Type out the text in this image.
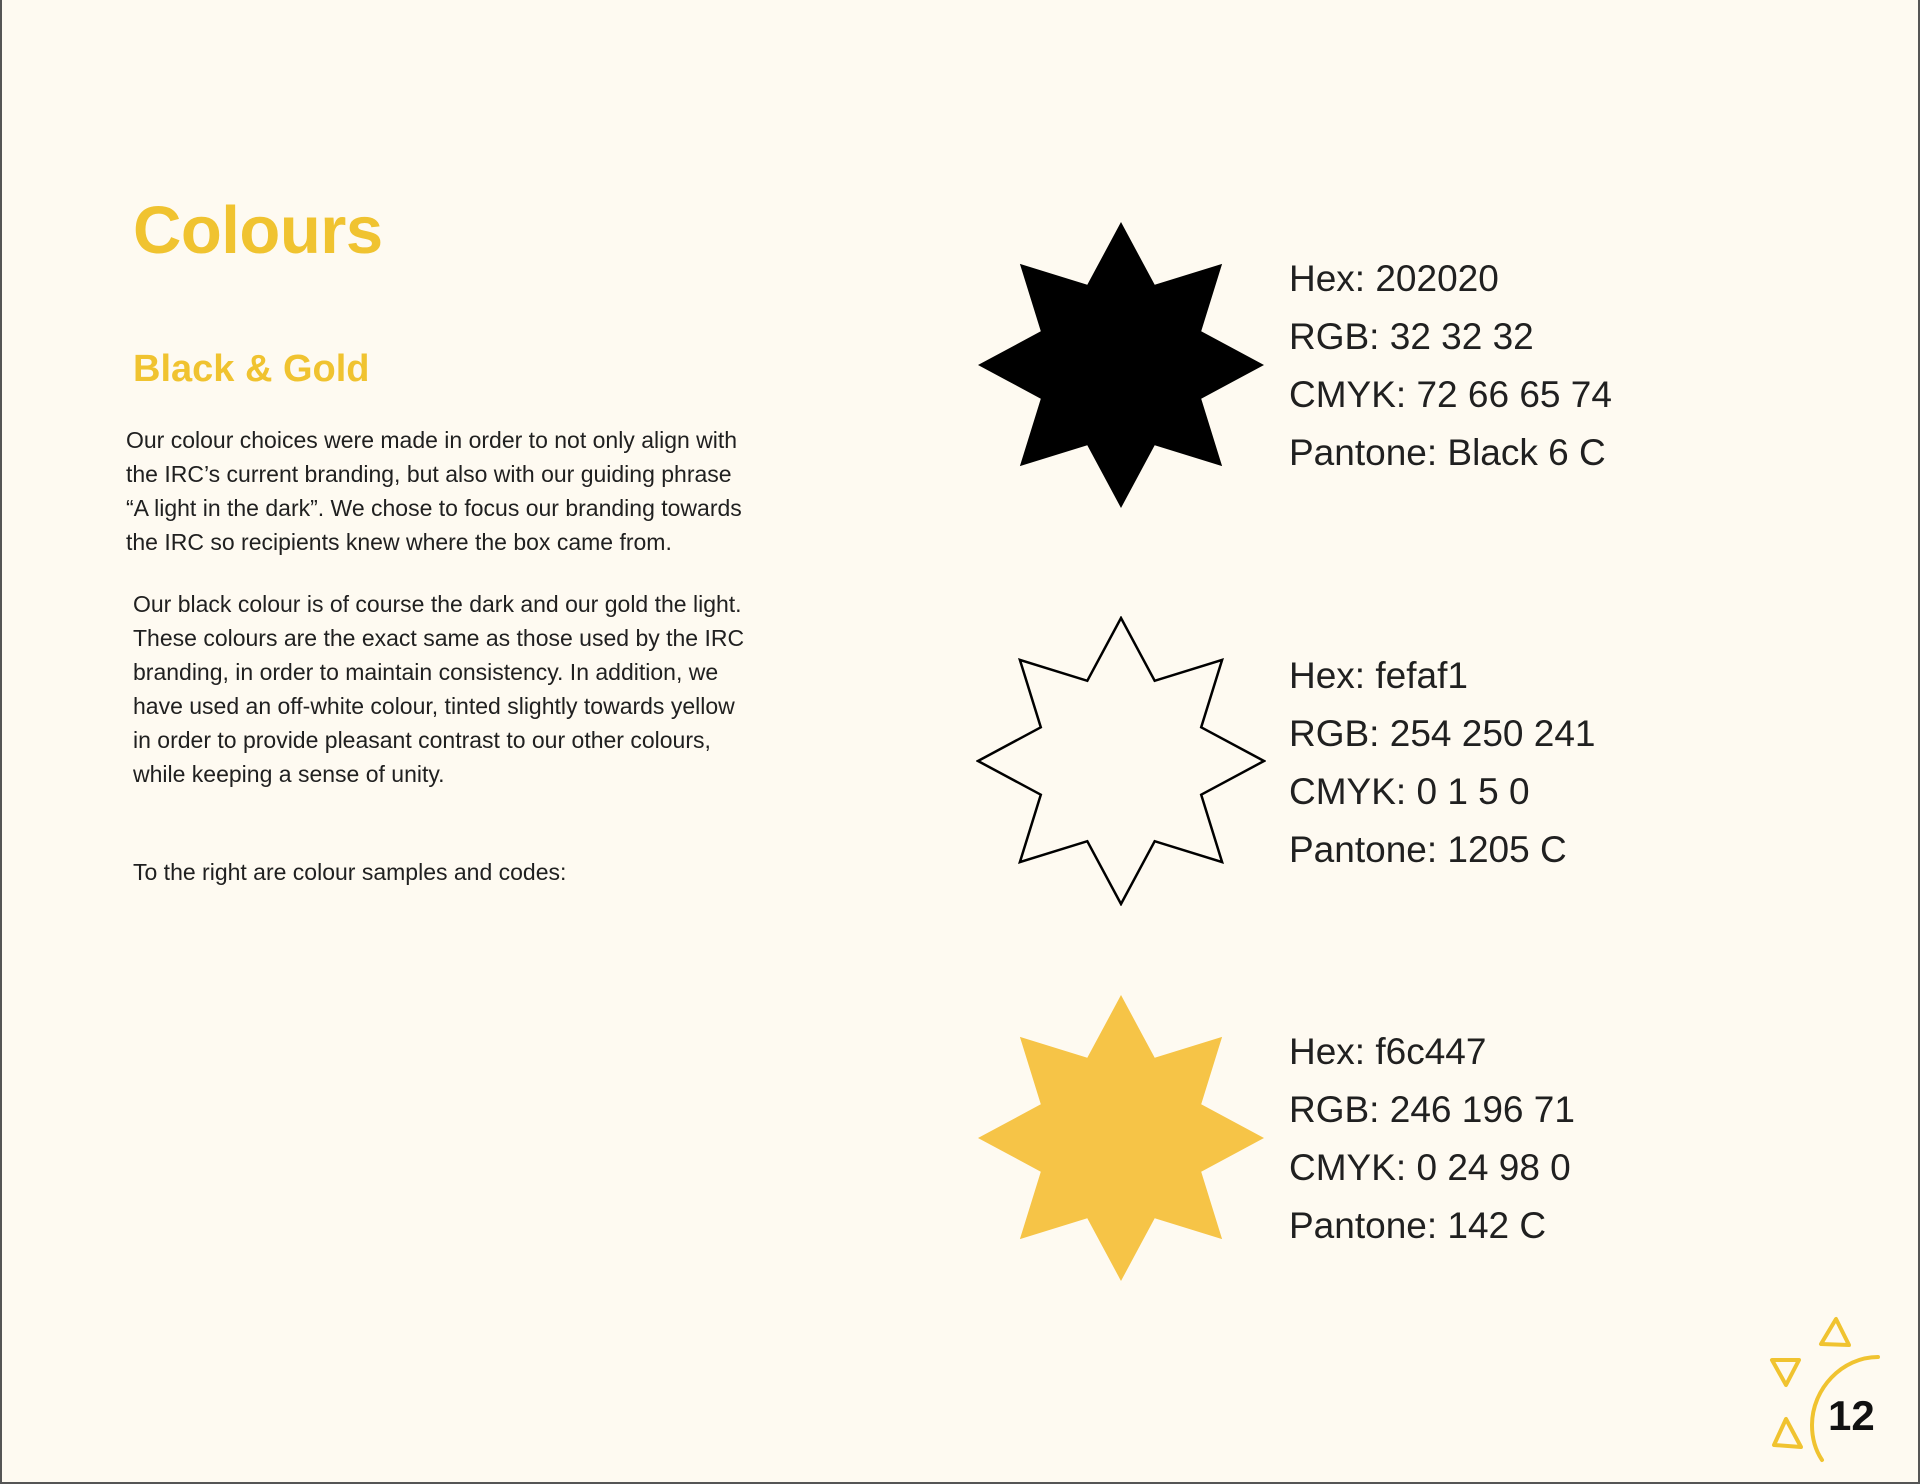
Colours
Black & Gold

Our colour choices were made in order to not only align with
the IRC’s current branding, but also with our guiding phrase
“A light in the dark”. We chose to focus our branding towards
the IRC so recipients knew where the box came from.

Our black colour is of course the dark and our gold the light.
These colours are the exact same as those used by the IRC
branding, in order to maintain consistency. In addition, we
have used an off-white colour, tinted slightly towards yellow
in order to provide pleasant contrast to our other colours,
while keeping a sense of unity.

To the right are colour samples and codes:

Hex: 202020
RGB: 32 32 32
CMYK: 72 66 65 74
Pantone: Black 6 C
Hex: fefaf1
RGB: 254 250 241
CMYK: 0 1 5 0
Pantone: 1205 C
Hex: f6c447
RGB: 246 196 71
CMYK: 0 24 98 0
Pantone: 142 C
12
